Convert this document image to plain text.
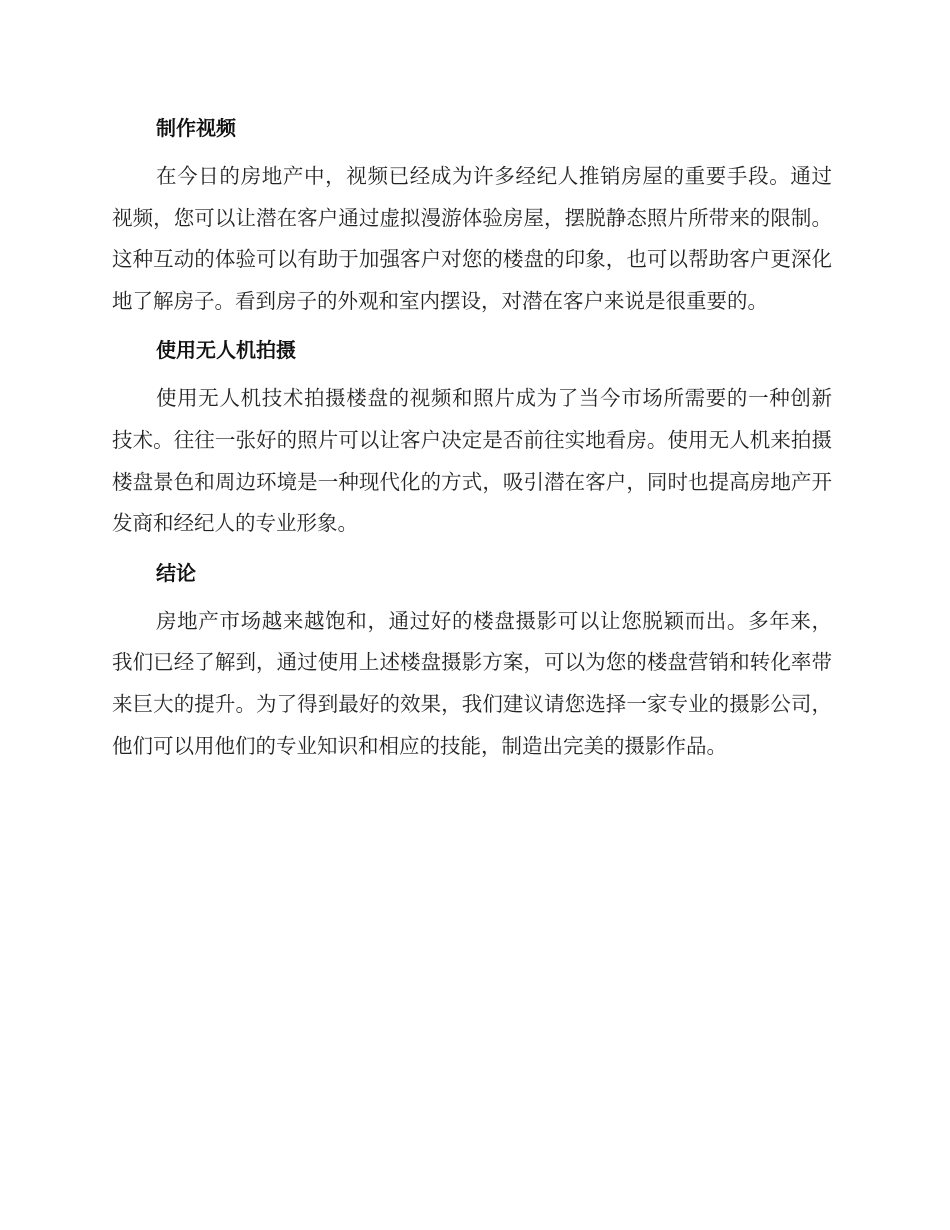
制作视频

在今日的房地产中，视频已经成为许多经纪人推销房屋的重要手段。通过视频，您可以让潜在客户通过虚拟漫游体验房屋，摆脱静态照片所带来的限制。这种互动的体验可以有助于加强客户对您的楼盘的印象，也可以帮助客户更深化地了解房子。看到房子的外观和室内摆设，对潜在客户来说是很重要的。

使用无人机拍摄

使用无人机技术拍摄楼盘的视频和照片成为了当今市场所需要的一种创新技术。往往一张好的照片可以让客户决定是否前往实地看房。使用无人机来拍摄楼盘景色和周边环境是一种现代化的方式，吸引潜在客户，同时也提高房地产开发商和经纪人的专业形象。

结论

房地产市场越来越饱和，通过好的楼盘摄影可以让您脱颖而出。多年来，我们已经了解到，通过使用上述楼盘摄影方案，可以为您的楼盘营销和转化率带来巨大的提升。为了得到最好的效果，我们建议请您选择一家专业的摄影公司，他们可以用他们的专业知识和相应的技能，制造出完美的摄影作品。
